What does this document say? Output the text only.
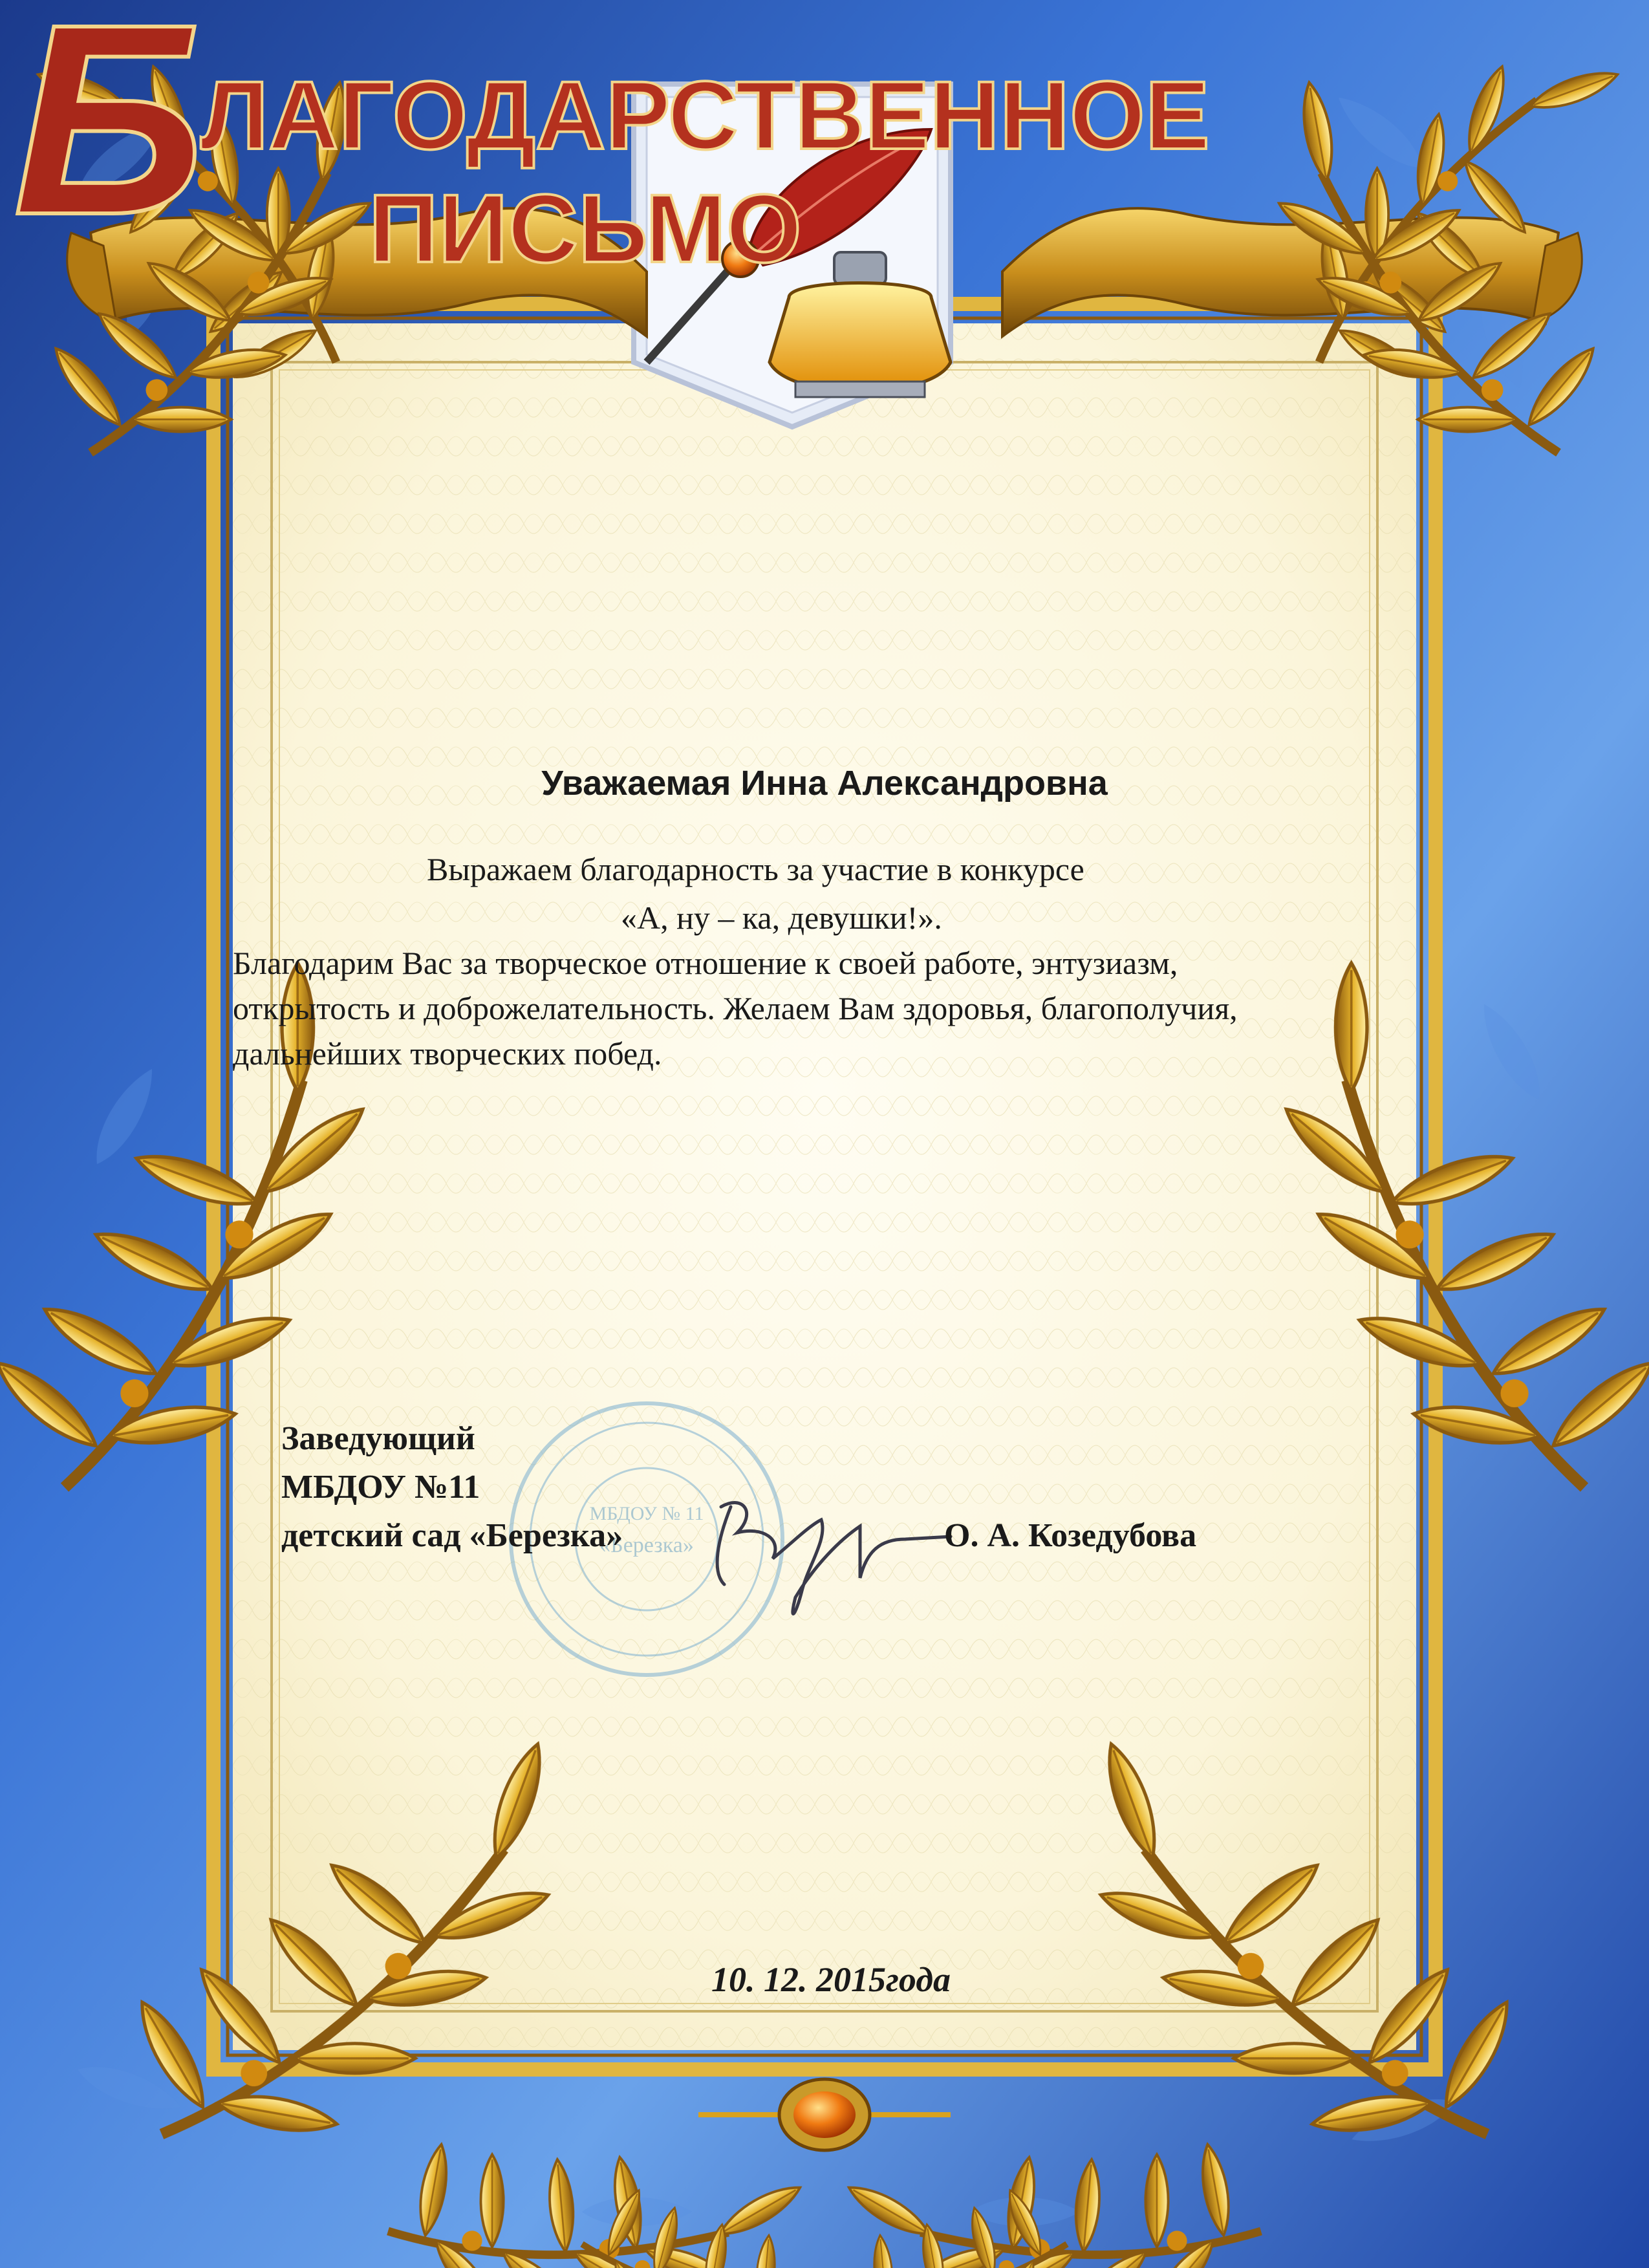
МБДОУ № 11
«Березка»
Б
ЛАГОДАРСТВЕННОЕ
ПИСЬМО
Уважаемая Инна Александровна
Выражаем благодарность за участие в конкурсе
«А, ну – ка, девушки!».
Благодарим Вас за творческое отношение к своей работе, энтузиазм,
открытость и доброжелательность. Желаем Вам здоровья, благополучия,
дальнейших творческих побед.
Заведующий
МБДОУ №11
детский сад «Березка»	О. А. Козедубова
10. 12. 2015года
